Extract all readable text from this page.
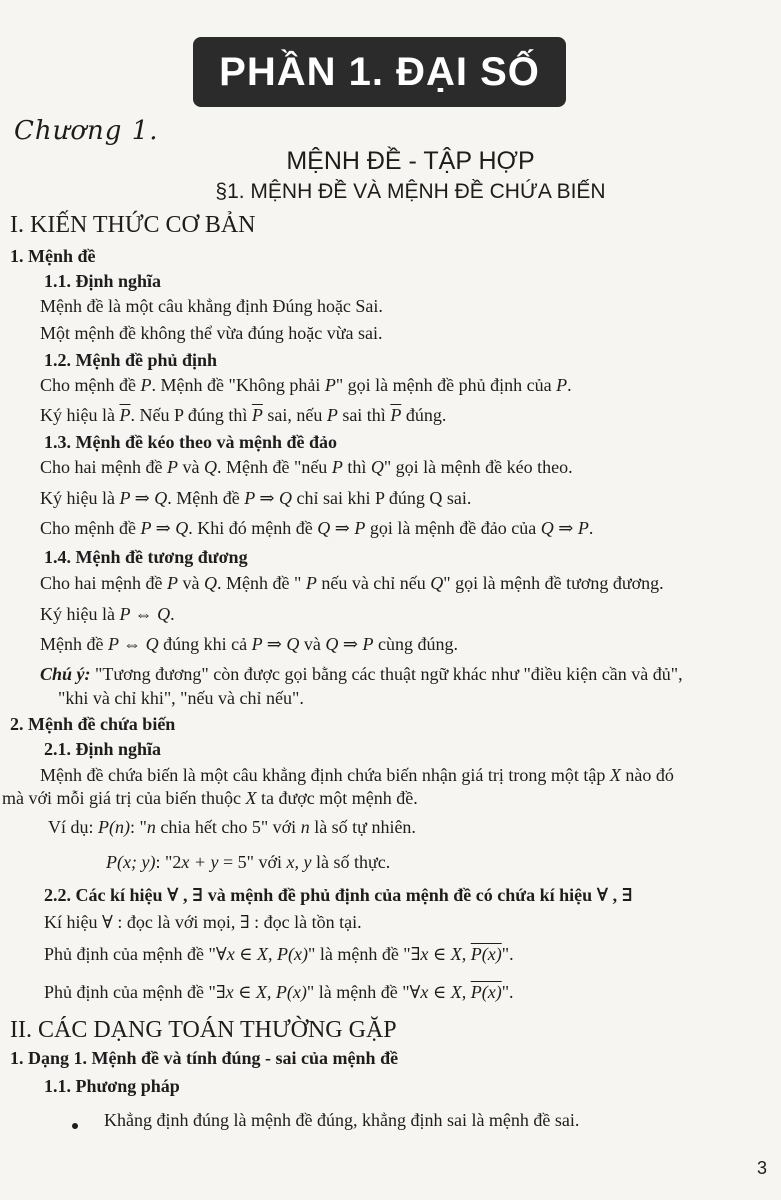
PHẦN 1. ĐẠI SỐ
Chương 1.
MỆNH ĐỀ - TẬP HỢP
§1. MỆNH ĐỀ VÀ MỆNH ĐỀ CHỨA BIẾN
I. KIẾN THỨC CƠ BẢN
1. Mệnh đề
1.1. Định nghĩa
Mệnh đề là một câu khẳng định Đúng hoặc Sai.
Một mệnh đề không thể vừa đúng hoặc vừa sai.
1.2. Mệnh đề phủ định
Cho mệnh đề P. Mệnh đề "Không phải P" gọi là mệnh đề phủ định của P.
Ký hiệu là $\overline{P}$. Nếu P đúng thì $\overline{P}$ sai, nếu P sai thì $\overline{P}$ đúng.
1.3. Mệnh đề kéo theo và mệnh đề đảo
Cho hai mệnh đề P và Q. Mệnh đề "nếu P thì Q" gọi là mệnh đề kéo theo.
Ký hiệu là P ⇒ Q. Mệnh đề P ⇒ Q chỉ sai khi P đúng Q sai.
Cho mệnh đề P ⇒ Q. Khi đó mệnh đề Q ⇒ P gọi là mệnh đề đảo của Q ⇒ P.
1.4. Mệnh đề tương đương
Cho hai mệnh đề P và Q. Mệnh đề " P nếu và chỉ nếu Q" gọi là mệnh đề tương đương.
Ký hiệu là P ⇔ Q.
Mệnh đề P ⇔ Q đúng khi cả P ⇒ Q và Q ⇒ P cùng đúng.
Chú ý: "Tương đương" còn được gọi bằng các thuật ngữ khác như "điều kiện cần và đủ",
"khi và chỉ khi", "nếu và chỉ nếu".
2. Mệnh đề chứa biến
2.1. Định nghĩa
Mệnh đề chứa biến là một câu khẳng định chứa biến nhận giá trị trong một tập X nào đó
mà với mỗi giá trị của biến thuộc X ta được một mệnh đề.
Ví dụ: P(n): "n chia hết cho 5" với n là số tự nhiên.
P(x; y): "2x + y = 5" với x, y là số thực.
2.2. Các kí hiệu ∀ , ∃ và mệnh đề phủ định của mệnh đề có chứa kí hiệu ∀ , ∃
Kí hiệu ∀ : đọc là với mọi, ∃ : đọc là tồn tại.
Phủ định của mệnh đề "∀x ∈ X, P(x)" là mệnh đề "∃x ∈ X, P(x)".
Phủ định của mệnh đề "∃x ∈ X, P(x)" là mệnh đề "∀x ∈ X, P(x)".
II. CÁC DẠNG TOÁN THƯỜNG GẶP
1. Dạng 1. Mệnh đề và tính đúng - sai của mệnh đề
1.1. Phương pháp
Khẳng định đúng là mệnh đề đúng, khẳng định sai là mệnh đề sai.
3
